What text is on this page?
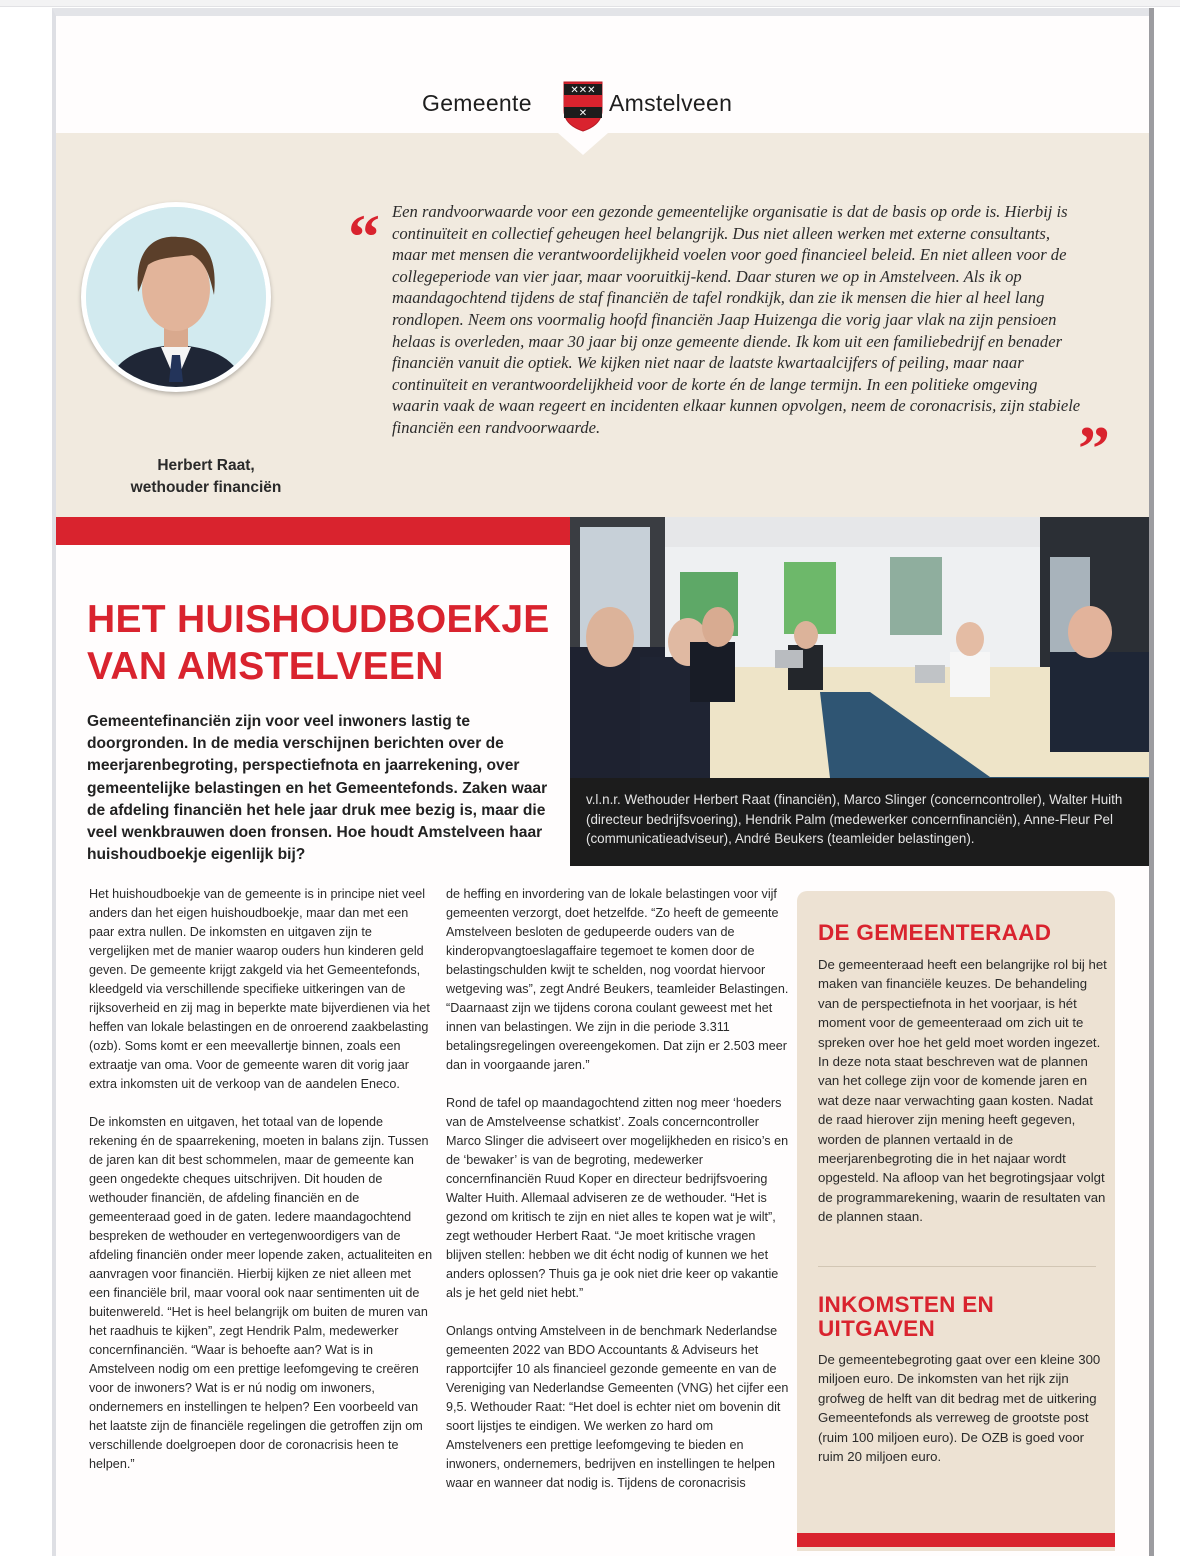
Gemeente	✕✕✕
✕ Amstelveen
Herbert Raat,
wethouder financiën
“ Een randvoorwaarde voor een gezonde gemeentelijke organisatie is dat de basis op orde is. Hierbij is continuïteit en collectief geheugen heel belangrijk. Dus niet alleen werken met externe consultants, maar met mensen die verantwoordelijkheid voelen voor goed financieel beleid. En niet alleen voor de collegeperiode van vier jaar, maar vooruitkij-kend. Daar sturen we op in Amstelveen. Als ik op maandagochtend tijdens de staf financiën de tafel rondkijk, dan zie ik mensen die hier al heel lang rondlopen. Neem ons voormalig hoofd financiën Jaap Huizenga die vorig jaar vlak na zijn pensioen helaas is overleden, maar 30 jaar bij onze gemeente diende. Ik kom uit een familiebedrijf en benader financiën vanuit die optiek. We kijken niet naar de laatste kwartaalcijfers of peiling, maar naar continuïteit en verantwoordelijkheid voor de korte én de lange termijn. In een politieke omgeving waarin vaak de waan regeert en incidenten elkaar kunnen opvolgen, neem de coronacrisis, zijn stabiele financiën een randvoorwaarde.	”
v.l.n.r. Wethouder Herbert Raat (financiën), Marco Slinger (concerncontroller), Walter Huith (directeur bedrijfsvoering), Hendrik Palm (medewerker concernfinanciën), Anne-Fleur Pel (communicatieadviseur), André Beukers (teamleider belastingen).
HET HUISHOUDBOEKJE
VAN AMSTELVEEN
Gemeentefinanciën zijn voor veel inwoners lastig te doorgronden. In de media verschijnen berichten over de meerjarenbegroting, perspectiefnota en jaarrekening, over gemeentelijke belastingen en het Gemeentefonds. Zaken waar de afdeling financiën het hele jaar druk mee bezig is, maar die veel wenkbrauwen doen fronsen. Hoe houdt Amstelveen haar huishoudboekje eigenlijk bij?

Het huishoudboekje van de gemeente is in principe niet veel anders dan het eigen huishoudboekje, maar dan met een paar extra nullen. De inkomsten en uitgaven zijn te vergelijken met de manier waarop ouders hun kinderen geld geven. De gemeente krijgt zakgeld via het Gemeentefonds, kleedgeld via verschillende specifieke uitkeringen van de rijksoverheid en zij mag in beperkte mate bijverdienen via het heffen van lokale belastingen en de onroerend zaakbelasting (ozb). Soms komt er een meevallertje binnen, zoals een extraatje van oma. Voor de gemeente waren dit vorig jaar extra inkomsten uit de verkoop van de aandelen Eneco.

De inkomsten en uitgaven, het totaal van de lopende rekening én de spaarrekening, moeten in balans zijn. Tussen de jaren kan dit best schommelen, maar de gemeente kan geen ongedekte cheques uitschrijven. Dit houden de wethouder financiën, de afdeling financiën en de gemeenteraad goed in de gaten. Iedere maandagochtend bespreken de wethouder en vertegenwoordigers van de afdeling financiën onder meer lopende zaken, actualiteiten en aanvragen voor financiën. Hierbij kijken ze niet alleen met een financiële bril, maar vooral ook naar sentimenten uit de buitenwereld. “Het is heel belangrijk om buiten de muren van het raadhuis te kijken”, zegt Hendrik Palm, medewerker concernfinanciën. “Waar is behoefte aan? Wat is in Amstelveen nodig om een prettige leefomgeving te creëren voor de inwoners? Wat is er nú nodig om inwoners, ondernemers en instellingen te helpen? Een voorbeeld van het laatste zijn de financiële regelingen die getroffen zijn om verschillende doelgroepen door de coronacrisis heen te helpen.”

de heffing en invordering van de lokale belastingen voor vijf gemeenten verzorgt, doet hetzelfde. “Zo heeft de gemeente Amstelveen besloten de gedupeerde ouders van de kinderopvangtoeslagaffaire tegemoet te komen door de belastingschulden kwijt te schelden, nog voordat hiervoor wetgeving was”, zegt André Beukers, teamleider Belastingen. “Daarnaast zijn we tijdens corona coulant geweest met het innen van belastingen. We zijn in die periode 3.311 betalingsregelingen overeengekomen. Dat zijn er 2.503 meer dan in voorgaande jaren.”

Rond de tafel op maandagochtend zitten nog meer ‘hoeders van de Amstelveense schatkist’. Zoals concerncontroller Marco Slinger die adviseert over mogelijkheden en risico’s en de ‘bewaker’ is van de begroting, medewerker concernfinanciën Ruud Koper en directeur bedrijfsvoering Walter Huith. Allemaal adviseren ze de wethouder. “Het is gezond om kritisch te zijn en niet alles te kopen wat je wilt”, zegt wethouder Herbert Raat. “Je moet kritische vragen blijven stellen: hebben we dit écht nodig of kunnen we het anders oplossen? Thuis ga je ook niet drie keer op vakantie als je het geld niet hebt.”

Onlangs ontving Amstelveen in de benchmark Nederlandse gemeenten 2022 van BDO Accountants & Adviseurs het rapportcijfer 10 als financieel gezonde gemeente en van de Vereniging van Nederlandse Gemeenten (VNG) het cijfer een 9,5. Wethouder Raat: “Het doel is echter niet om bovenin dit soort lijstjes te eindigen. We werken zo hard om Amstelveners een prettige leefomgeving te bieden en inwoners, ondernemers, bedrijven en instellingen te helpen waar en wanneer dat nodig is. Tijdens de coronacrisis

DE GEMEENTERAAD
De gemeenteraad heeft een belangrijke rol bij het maken van financiële keuzes. De behandeling van de perspectiefnota in het voorjaar, is hét moment voor de gemeenteraad om zich uit te spreken over hoe het geld moet worden ingezet. In deze nota staat beschreven wat de plannen van het college zijn voor de komende jaren en wat deze naar verwachting gaan kosten. Nadat de raad hierover zijn mening heeft gegeven, worden de plannen vertaald in de meerjarenbegroting die in het najaar wordt opgesteld. Na afloop van het begrotingsjaar volgt de programmarekening, waarin de resultaten van de plannen staan.
INKOMSTEN EN
UITGAVEN
De gemeentebegroting gaat over een kleine 300 miljoen euro. De inkomsten van het rijk zijn grofweg de helft van dit bedrag met de uitkering Gemeentefonds als verreweg de grootste post (ruim 100 miljoen euro). De OZB is goed voor ruim 20 miljoen euro.
